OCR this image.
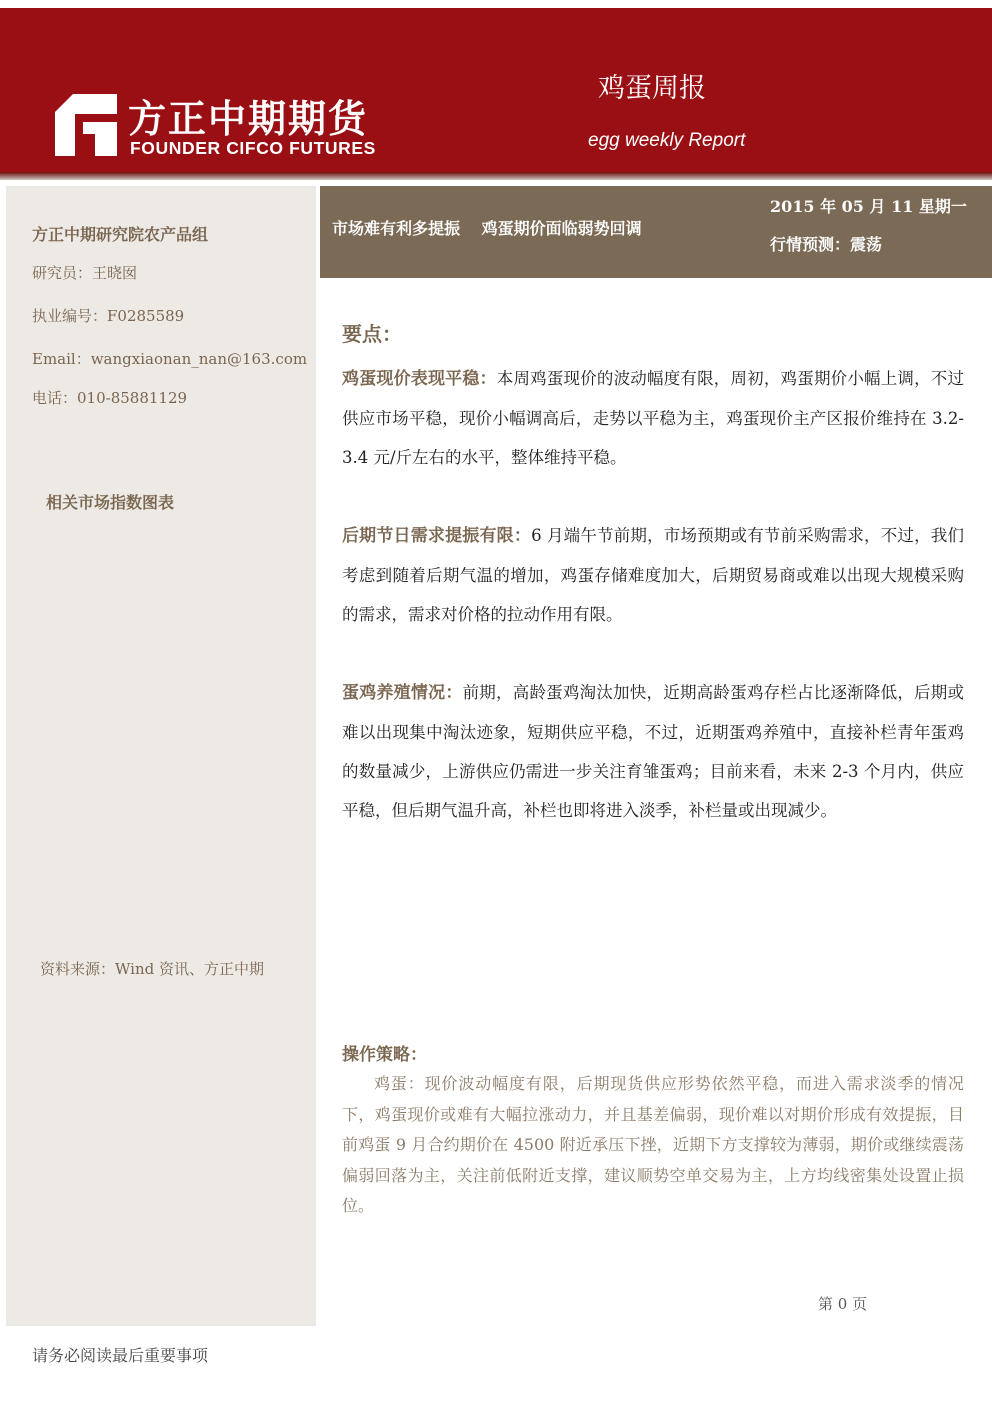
方正中期期货
FOUNDER CIFCO FUTURES
鸡蛋周报
egg weekly Report
方正中期研究院农产品组
研究员：王晓囡
执业编号：F0285589
Email：wangxiaonan_nan@163.com
电话：010-85881129
相关市场指数图表
资料来源：Wind 资讯、方正中期
市场难有利多提振　 鸡蛋期价面临弱势回调
2015 年 05 月 11 星期一
行情预测：震荡
要点：

鸡蛋现价表现平稳：本周鸡蛋现价的波动幅度有限，周初，鸡蛋期价小幅上调，不过供应市场平稳，现价小幅调高后，走势以平稳为主，鸡蛋现价主产区报价维持在 3.2-3.4 元/斤左右的水平，整体维持平稳。

后期节日需求提振有限：6 月端午节前期，市场预期或有节前采购需求，不过，我们考虑到随着后期气温的增加，鸡蛋存储难度加大，后期贸易商或难以出现大规模采购的需求，需求对价格的拉动作用有限。

蛋鸡养殖情况：前期，高龄蛋鸡淘汰加快，近期高龄蛋鸡存栏占比逐渐降低，后期或难以出现集中淘汰迹象，短期供应平稳，不过，近期蛋鸡养殖中，直接补栏青年蛋鸡的数量减少，上游供应仍需进一步关注育雏蛋鸡；目前来看，未来 2-3 个月内，供应平稳，但后期气温升高，补栏也即将进入淡季，补栏量或出现减少。

操作策略：

鸡蛋：现价波动幅度有限，后期现货供应形势依然平稳，而进入需求淡季的情况下，鸡蛋现价或难有大幅拉涨动力，并且基差偏弱，现价难以对期价形成有效提振，目前鸡蛋 9 月合约期价在 4500 附近承压下挫，近期下方支撑较为薄弱，期价或继续震荡偏弱回落为主，关注前低附近支撑，建议顺势空单交易为主，上方均线密集处设置止损位。

第 0 页
请务必阅读最后重要事项
